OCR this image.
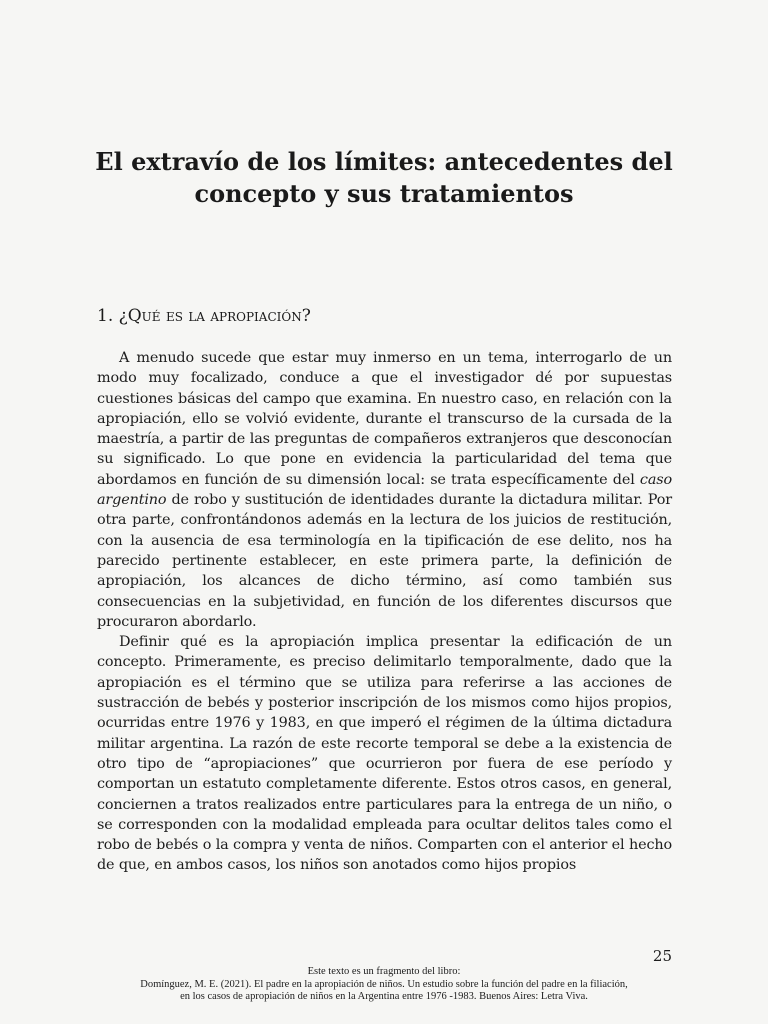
El extravío de los límites: antecedentes del concepto y sus tratamientos
1. ¿Qué es la apropiación?

A menudo sucede que estar muy inmerso en un tema, interrogarlo de un modo muy focalizado, conduce a que el investigador dé por supuestas cuestiones básicas del campo que examina. En nuestro caso, en relación con la apropiación, ello se volvió evidente, durante el transcurso de la cursada de la maestría, a partir de las preguntas de compañeros extranjeros que desconocían su significado. Lo que pone en evidencia la particularidad del tema que abordamos en función de su dimensión local: se trata específicamente del caso argentino de robo y sustitución de identidades durante la dictadura militar. Por otra parte, confrontándonos además en la lectura de los juicios de restitución, con la ausencia de esa terminología en la tipificación de ese delito, nos ha parecido pertinente establecer, en este primera parte, la definición de apropiación, los alcances de dicho término, así como también sus consecuencias en la subjetividad, en función de los diferentes discursos que procuraron abordarlo.

Definir qué es la apropiación implica presentar la edificación de un concepto. Primeramente, es preciso delimitarlo temporalmente, dado que la apropiación es el término que se utiliza para referirse a las acciones de sustracción de bebés y posterior inscripción de los mismos como hijos propios, ocurridas entre 1976 y 1983, en que imperó el régimen de la última dictadura militar argentina. La razón de este recorte temporal se debe a la existencia de otro tipo de “apropiaciones” que ocurrieron por fuera de ese período y comportan un estatuto completamente diferente. Estos otros casos, en general, conciernen a tratos realizados entre particulares para la entrega de un niño, o se corresponden con la modalidad empleada para ocultar delitos tales como el robo de bebés o la compra y venta de niños. Comparten con el anterior el hecho de que, en ambos casos, los niños son anotados como hijos propios

25
Este texto es un fragmento del libro:
Domínguez, M. E. (2021). El padre en la apropiación de niños. Un estudio sobre la función del padre en la filiación,
en los casos de apropiación de niños en la Argentina entre 1976 -1983. Buenos Aires: Letra Viva.
